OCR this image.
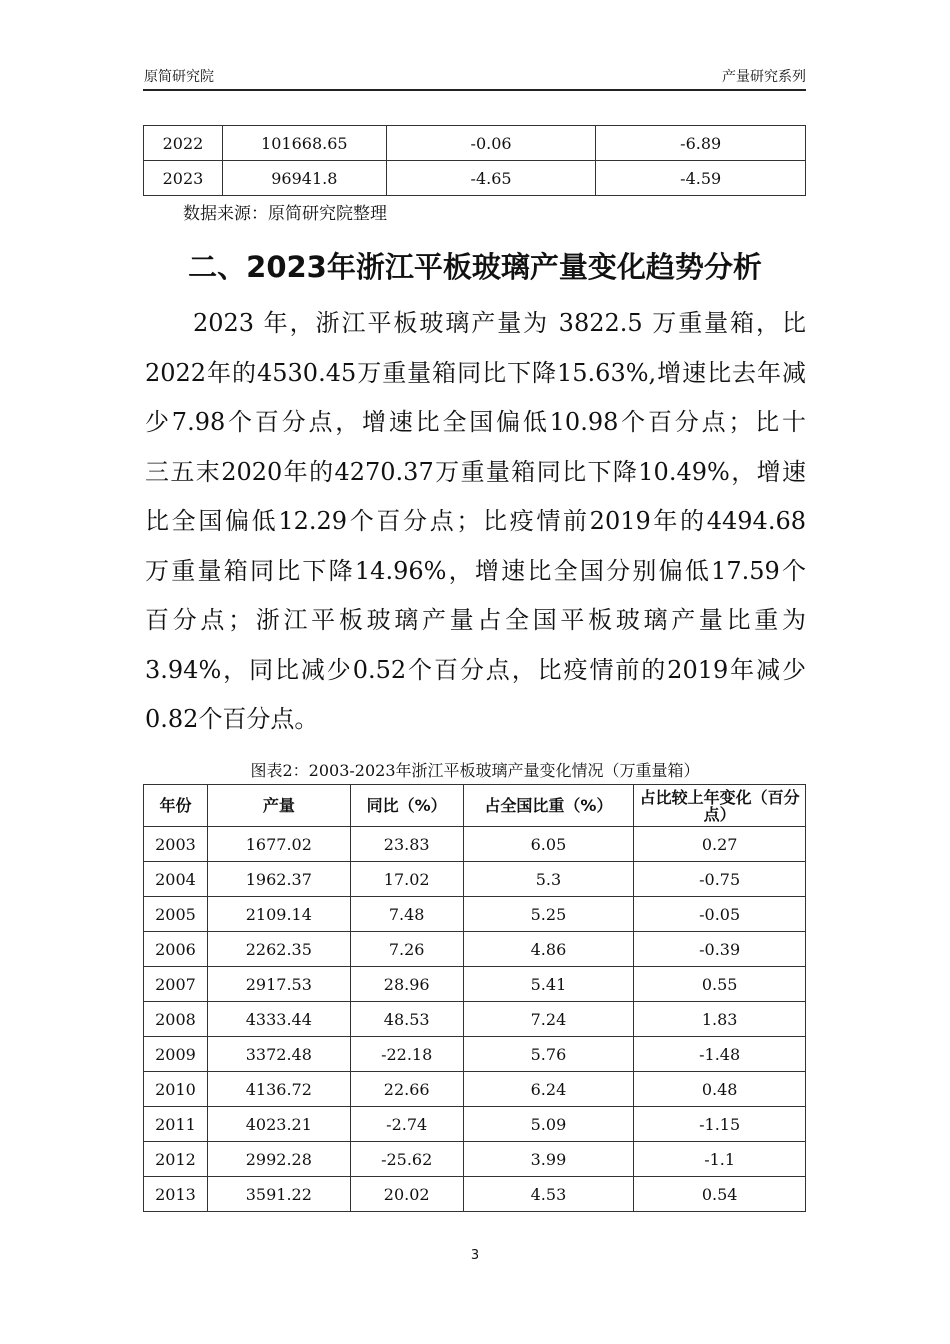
原简研究院	产量研究系列
2022	101668.65	-0.06	-6.89
2023	96941.8	-4.65	-4.59
数据来源：原简研究院整理
二、2023年浙江平板玻璃产量变化趋势分析
2023 年，浙江平板玻璃产量为 3822.5 万重量箱，比
2022年的4530.45万重量箱同比下降15.63%,增速比去年减
少7.98个百分点，增速比全国偏低10.98个百分点；比十
三五末2020年的4270.37万重量箱同比下降10.49%，增速
比全国偏低12.29个百分点；比疫情前2019年的4494.68
万重量箱同比下降14.96%，增速比全国分别偏低17.59个
百分点；浙江平板玻璃产量占全国平板玻璃产量比重为
3.94%，同比减少0.52个百分点，比疫情前的2019年减少
0.82个百分点。
图表2：2003-2023年浙江平板玻璃产量变化情况（万重量箱）
年份	产量	同比（%）	占全国比重（%）	占比较上年变化（百分点）
2003	1677.02	23.83	6.05	0.27
2004	1962.37	17.02	5.3	-0.75
2005	2109.14	7.48	5.25	-0.05
2006	2262.35	7.26	4.86	-0.39
2007	2917.53	28.96	5.41	0.55
2008	4333.44	48.53	7.24	1.83
2009	3372.48	-22.18	5.76	-1.48
2010	4136.72	22.66	6.24	0.48
2011	4023.21	-2.74	5.09	-1.15
2012	2992.28	-25.62	3.99	-1.1
2013	3591.22	20.02	4.53	0.54
3
